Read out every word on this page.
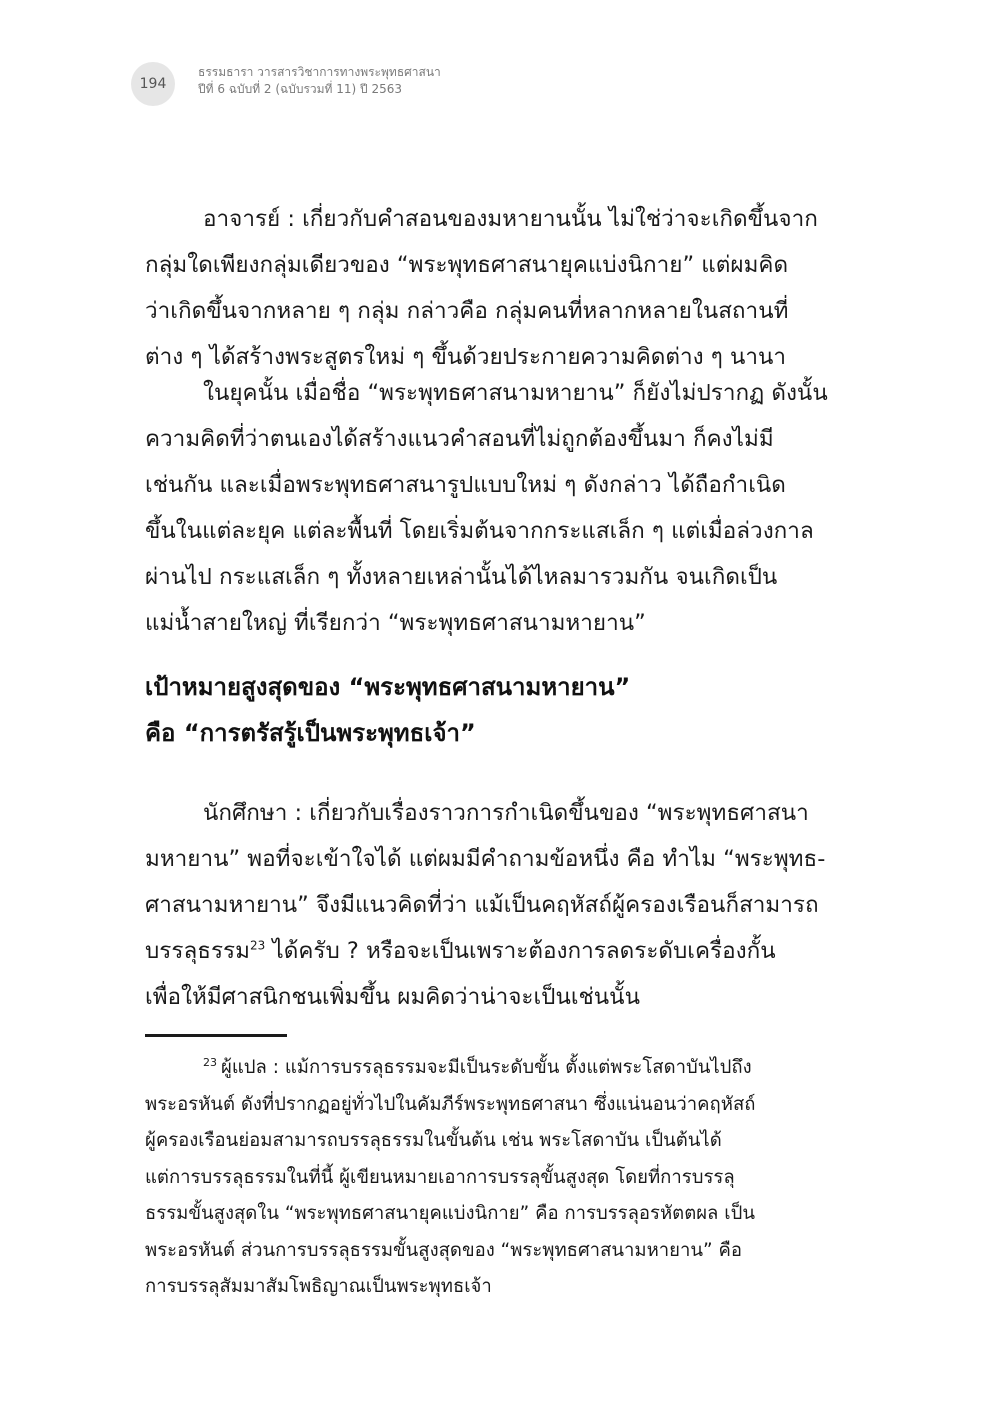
194
ธรรมธารา วารสารวิชาการทางพระพุทธศาสนา
ปีที่ 6 ฉบับที่ 2 (ฉบับรวมที่ 11) ปี 2563
อาจารย์ : เกี่ยวกับคำสอนของมหายานนั้น ไม่ใช่ว่าจะเกิดขึ้นจาก
กลุ่มใดเพียงกลุ่มเดียวของ “พระพุทธศาสนายุคแบ่งนิกาย” แต่ผมคิด
ว่าเกิดขึ้นจากหลาย ๆ กลุ่ม กล่าวคือ กลุ่มคนที่หลากหลายในสถานที่
ต่าง ๆ ได้สร้างพระสูตรใหม่ ๆ ขึ้นด้วยประกายความคิดต่าง ๆ นานา
ในยุคนั้น เมื่อชื่อ “พระพุทธศาสนามหายาน” ก็ยังไม่ปรากฏ ดังนั้น
ความคิดที่ว่าตนเองได้สร้างแนวคำสอนที่ไม่ถูกต้องขึ้นมา ก็คงไม่มี
เช่นกัน และเมื่อพระพุทธศาสนารูปแบบใหม่ ๆ ดังกล่าว ได้ถือกำเนิด
ขึ้นในแต่ละยุค แต่ละพื้นที่ โดยเริ่มต้นจากกระแสเล็ก ๆ แต่เมื่อล่วงกาล
ผ่านไป กระแสเล็ก ๆ ทั้งหลายเหล่านั้นได้ไหลมารวมกัน จนเกิดเป็น
แม่น้ำสายใหญ่ ที่เรียกว่า “พระพุทธศาสนามหายาน”
เป้าหมายสูงสุดของ “พระพุทธศาสนามหายาน”
คือ “การตรัสรู้เป็นพระพุทธเจ้า”
นักศึกษา : เกี่ยวกับเรื่องราวการกำเนิดขึ้นของ “พระพุทธศาสนา
มหายาน” พอที่จะเข้าใจได้ แต่ผมมีคำถามข้อหนึ่ง คือ ทำไม “พระพุทธ-
ศาสนามหายาน” จึงมีแนวคิดที่ว่า แม้เป็นคฤหัสถ์ผู้ครองเรือนก็สามารถ
บรรลุธรรม$^{23}$ ได้ครับ ? หรือจะเป็นเพราะต้องการลดระดับเครื่องกั้น
เพื่อให้มีศาสนิกชนเพิ่มขึ้น ผมคิดว่าน่าจะเป็นเช่นนั้น
$^{23}$ ผู้แปล : แม้การบรรลุธรรมจะมีเป็นระดับขั้น ตั้งแต่พระโสดาบันไปถึง
พระอรหันต์ ดังที่ปรากฏอยู่ทั่วไปในคัมภีร์พระพุทธศาสนา ซึ่งแน่นอนว่าคฤหัสถ์
ผู้ครองเรือนย่อมสามารถบรรลุธรรมในขั้นต้น เช่น พระโสดาบัน เป็นต้นได้
แต่การบรรลุธรรมในที่นี้ ผู้เขียนหมายเอาการบรรลุขั้นสูงสุด โดยที่การบรรลุ
ธรรมขั้นสูงสุดใน “พระพุทธศาสนายุคแบ่งนิกาย” คือ การบรรลุอรหัตตผล เป็น
พระอรหันต์ ส่วนการบรรลุธรรมขั้นสูงสุดของ “พระพุทธศาสนามหายาน” คือ
การบรรลุสัมมาสัมโพธิญาณเป็นพระพุทธเจ้า
